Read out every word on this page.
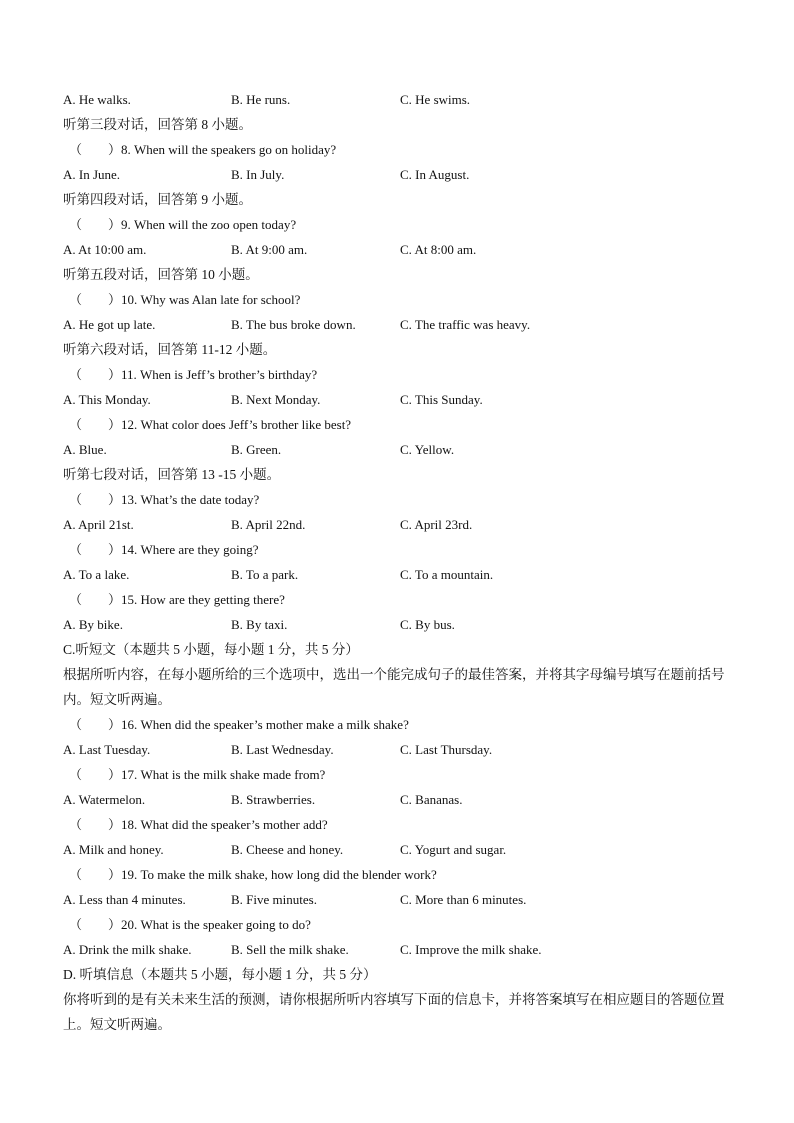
A. He walks.	B. He runs.	C. He swims.
听第三段对话，回答第 8 小题。
（　　）8. When will the speakers go on holiday?
A. In June.	B. In July.	C. In August.
听第四段对话，回答第 9 小题。
（　　）9. When will the zoo open today?
A. At 10:00 am.	B. At 9:00 am.	C. At 8:00 am.
听第五段对话，回答第 10 小题。
（　　）10. Why was Alan late for school?
A. He got up late.	B. The bus broke down.	C. The traffic was heavy.
听第六段对话，回答第 11-12 小题。
（　　）11. When is Jeff’s brother’s birthday?
A. This Monday.	B. Next Monday.	C. This Sunday.
（　　）12. What color does Jeff’s brother like best?
A. Blue.	B. Green.	C. Yellow.
听第七段对话，回答第 13 -15 小题。
（　　）13. What’s the date today?
A. April 21st.	B. April 22nd.	C. April 23rd.
（　　）14. Where are they going?
A. To a lake.	B. To a park.	C. To a mountain.
（　　）15. How are they getting there?
A. By bike.	B. By taxi.	C. By bus.
C.听短文（本题共 5 小题，每小题 1 分，共 5 分）
根据所听内容，在每小题所给的三个选项中，选出一个能完成句子的最佳答案，并将其字母编号填写在题前括号内。短文听两遍。
（　　）16. When did the speaker’s mother make a milk shake?
A. Last Tuesday.	B. Last Wednesday.	C. Last Thursday.
（　　）17. What is the milk shake made from?
A. Watermelon.	B. Strawberries.	C. Bananas.
（　　）18. What did the speaker’s mother add?
A. Milk and honey.	B. Cheese and honey.	C. Yogurt and sugar.
（　　）19. To make the milk shake, how long did the blender work?
A. Less than 4 minutes.	B. Five minutes.	C. More than 6 minutes.
（　　）20. What is the speaker going to do?
A. Drink the milk shake.	B. Sell the milk shake.	C. Improve the milk shake.
D. 听填信息（本题共 5 小题，每小题 1 分，共 5 分）
你将听到的是有关未来生活的预测，请你根据所听内容填写下面的信息卡，并将答案填写在相应题目的答题位置上。短文听两遍。
